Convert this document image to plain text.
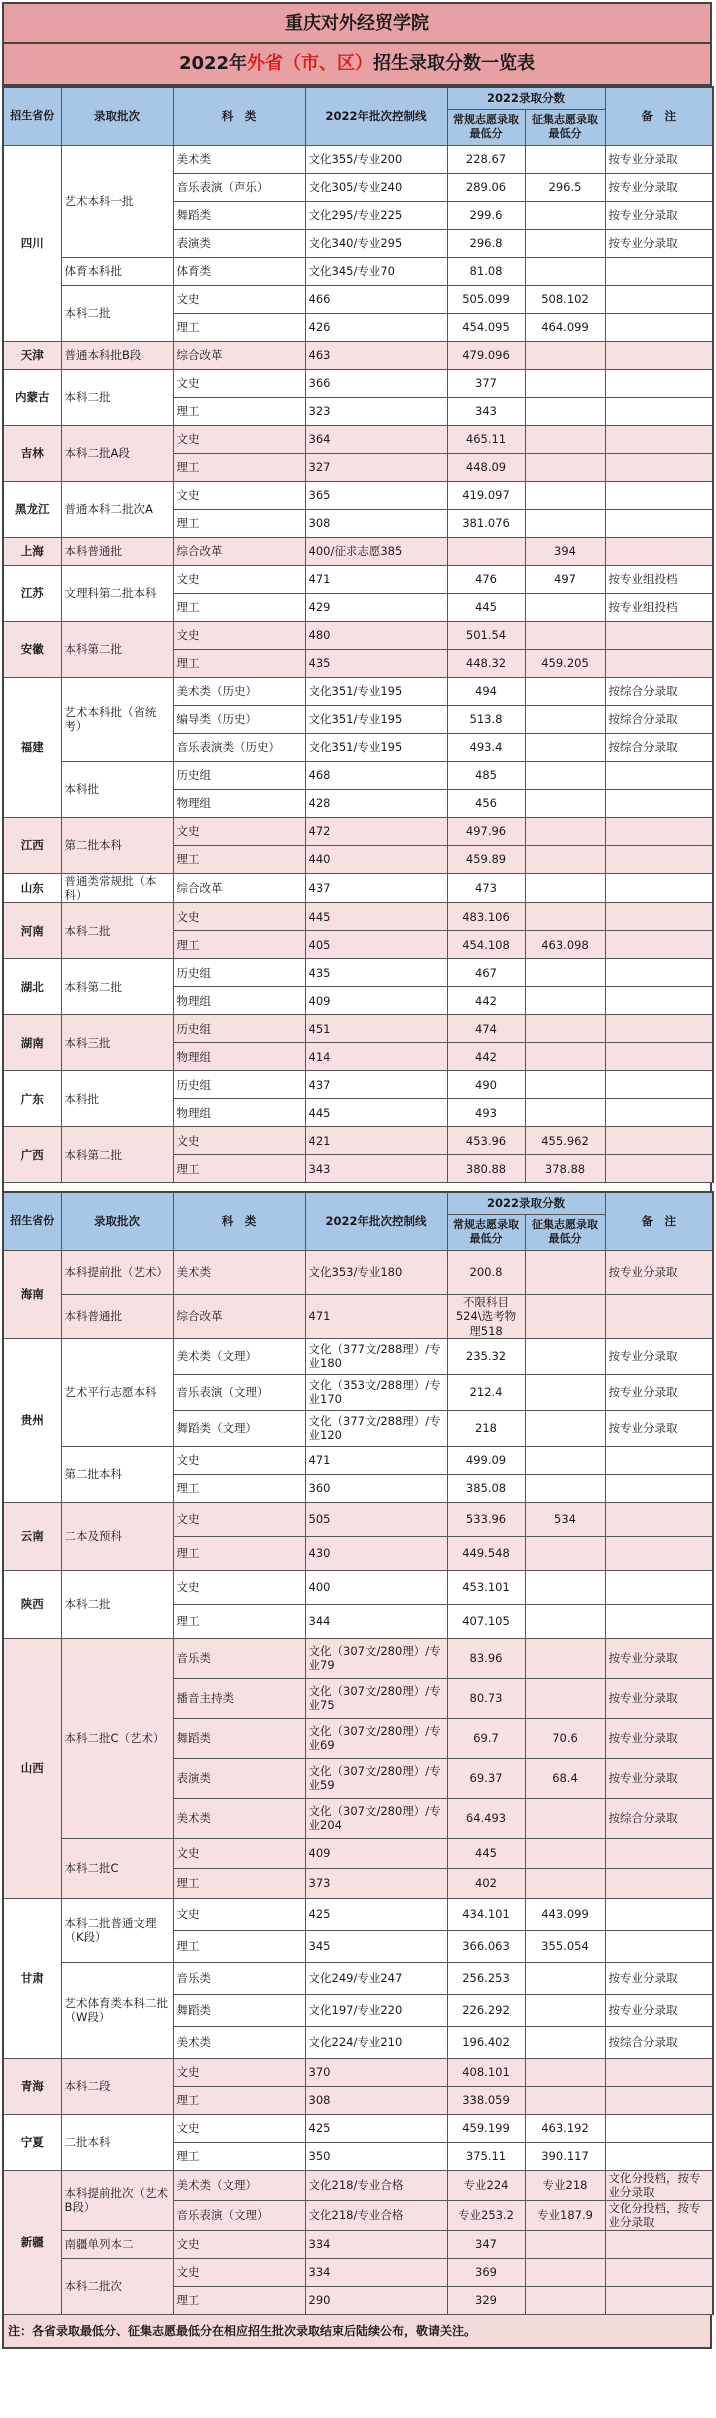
重庆对外经贸学院
2022年外省（市、区）招生录取分数一览表
招生省份	录取批次	科　类	2022年批次控制线	2022录取分数		备　注
				常规志愿录取最低分	征集志愿录取最低分	
四川	艺术本科一批	美术类	文化355/专业200	228.67		按专业分录取
		音乐表演（声乐）	文化305/专业240	289.06	296.5	按专业分录取
		舞蹈类	文化295/专业225	299.6		按专业分录取
		表演类	文化340/专业295	296.8		按专业分录取
	体育本科批	体育类	文化345/专业70	81.08		
	本科二批	文史	466	505.099	508.102	
		理工	426	454.095	464.099	
天津	普通本科批B段	综合改革	463	479.096		
内蒙古	本科二批	文史	366	377		
		理工	323	343		
吉林	本科二批A段	文史	364	465.11		
		理工	327	448.09		
黑龙江	普通本科二批次A	文史	365	419.097		
		理工	308	381.076		
上海	本科普通批	综合改革	400/征求志愿385		394	
江苏	文理科第二批本科	文史	471	476	497	按专业组投档
		理工	429	445		按专业组投档
安徽	本科第二批	文史	480	501.54		
		理工	435	448.32	459.205	
福建	艺术本科批（省统考）	美术类（历史）	文化351/专业195	494		按综合分录取
		编导类（历史）	文化351/专业195	513.8		按综合分录取
		音乐表演类（历史）	文化351/专业195	493.4		按综合分录取
	本科批	历史组	468	485		
		物理组	428	456		
江西	第二批本科	文史	472	497.96		
		理工	440	459.89		
山东	普通类常规批（本科）	综合改革	437	473		
河南	本科二批	文史	445	483.106		
		理工	405	454.108	463.098	
湖北	本科第二批	历史组	435	467		
		物理组	409	442		
湖南	本科三批	历史组	451	474		
		物理组	414	442		
广东	本科批	历史组	437	490		
		物理组	445	493		
广西	本科第二批	文史	421	453.96	455.962	
		理工	343	380.88	378.88	
招生省份	录取批次	科　类	2022年批次控制线	2022录取分数		备　注
				常规志愿录取最低分	征集志愿录取最低分	
海南	本科提前批（艺术）	美术类	文化353/专业180	200.8		按专业分录取
	本科普通批	综合改革	471	不限科目524\选考物理518		
贵州	艺术平行志愿本科	美术类（文理）	文化（377文/288理）/专业180	235.32		按专业分录取
		音乐表演（文理）	文化（353文/288理）/专业170	212.4		按专业分录取
		舞蹈类（文理）	文化（377文/288理）/专业120	218		按专业分录取
	第二批本科	文史	471	499.09		
		理工	360	385.08		
云南	二本及预科	文史	505	533.96	534	
		理工	430	449.548		
陕西	本科二批	文史	400	453.101		
		理工	344	407.105		
山西	本科二批C（艺术）	音乐类	文化（307文/280理）/专业79	83.96		按专业分录取
		播音主持类	文化（307文/280理）/专业75	80.73		按专业分录取
		舞蹈类	文化（307文/280理）/专业69	69.7	70.6	按专业分录取
		表演类	文化（307文/280理）/专业59	69.37	68.4	按专业分录取
		美术类	文化（307文/280理）/专业204	64.493		按综合分录取
	本科二批C	文史	409	445		
		理工	373	402		
甘肃	本科二批普通文理（K段）	文史	425	434.101	443.099	
		理工	345	366.063	355.054	
	艺术体育类本科二批（W段）	音乐类	文化249/专业247	256.253		按专业分录取
		舞蹈类	文化197/专业220	226.292		按专业分录取
		美术类	文化224/专业210	196.402		按综合分录取
青海	本科二段	文史	370	408.101		
		理工	308	338.059		
宁夏	二批本科	文史	425	459.199	463.192	
		理工	350	375.11	390.117	
新疆	本科提前批次（艺术B段）	美术类（文理）	文化218/专业合格	专业224	专业218	文化分投档，按专业分录取
		音乐表演（文理）	文化218/专业合格	专业253.2	专业187.9	文化分投档，按专业分录取
	南疆单列本二	文史	334	347		
	本科二批次	文史	334	369		
		理工	290	329		
注：各省录取最低分、征集志愿最低分在相应招生批次录取结束后陆续公布，敬请关注。
